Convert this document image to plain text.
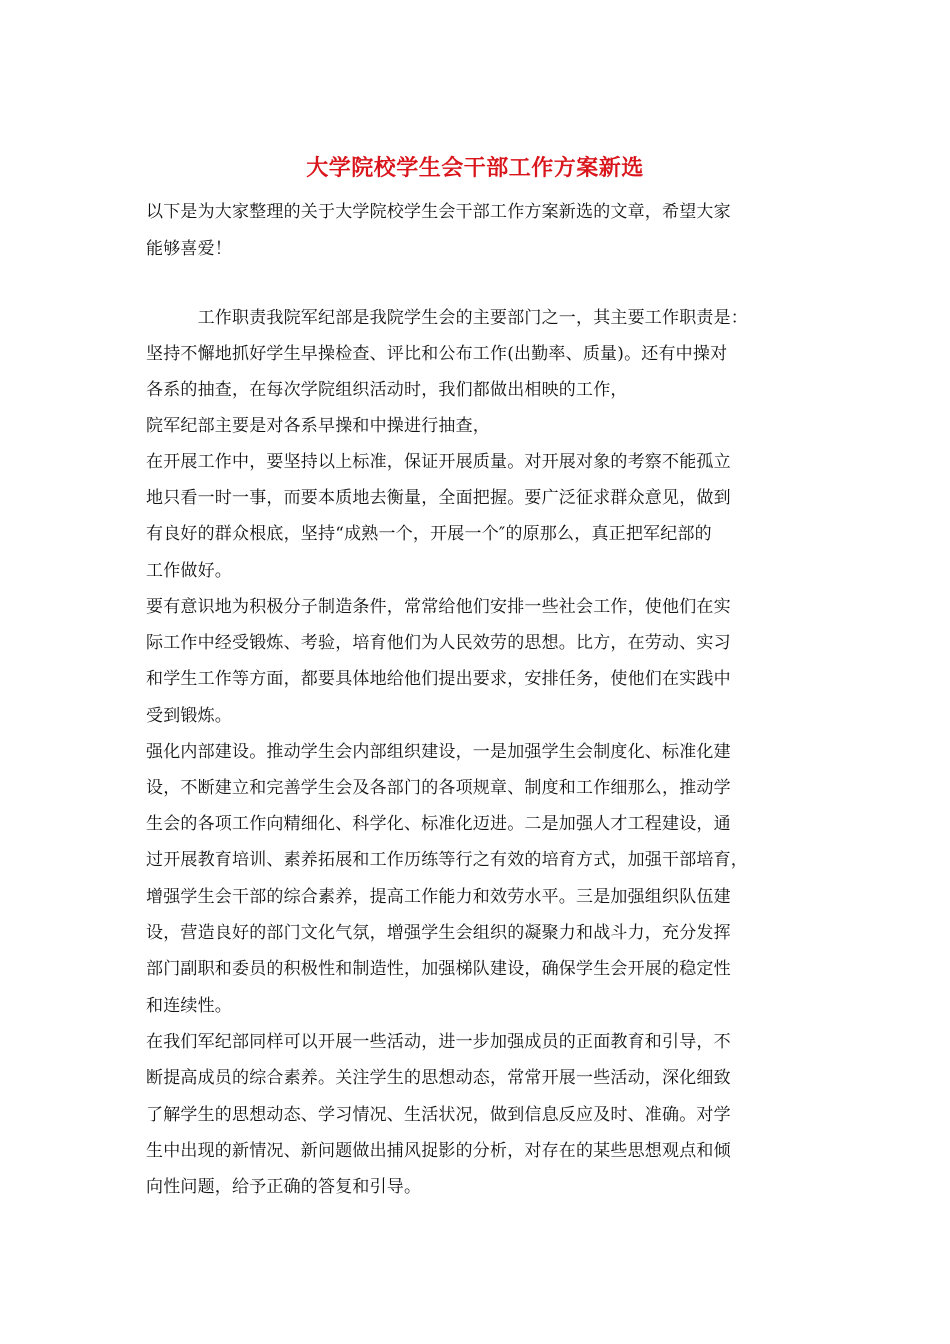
大学院校学生会干部工作方案新选
以下是为大家整理的关于大学院校学生会干部工作方案新选的文章，希望大家
能够喜爱！
　　　工作职责我院军纪部是我院学生会的主要部门之一，其主要工作职责是：
坚持不懈地抓好学生早操检查、评比和公布工作(出勤率、质量)。还有中操对
各系的抽查，在每次学院组织活动时，我们都做出相映的工作，
院军纪部主要是对各系早操和中操进行抽查，
在开展工作中，要坚持以上标准，保证开展质量。对开展对象的考察不能孤立
地只看一时一事，而要本质地去衡量，全面把握。要广泛征求群众意见，做到
有良好的群众根底，坚持“成熟一个，开展一个″的原那么，真正把军纪部的
工作做好。
要有意识地为积极分子制造条件，常常给他们安排一些社会工作，使他们在实
际工作中经受锻炼、考验，培育他们为人民效劳的思想。比方，在劳动、实习
和学生工作等方面，都要具体地给他们提出要求，安排任务，使他们在实践中
受到锻炼。
强化内部建设。推动学生会内部组织建设，一是加强学生会制度化、标准化建
设，不断建立和完善学生会及各部门的各项规章、制度和工作细那么，推动学
生会的各项工作向精细化、科学化、标准化迈进。二是加强人才工程建设，通
过开展教育培训、素养拓展和工作历练等行之有效的培育方式，加强干部培育，
增强学生会干部的综合素养，提高工作能力和效劳水平。三是加强组织队伍建
设，营造良好的部门文化气氛，增强学生会组织的凝聚力和战斗力，充分发挥
部门副职和委员的积极性和制造性，加强梯队建设，确保学生会开展的稳定性
和连续性。
在我们军纪部同样可以开展一些活动，进一步加强成员的正面教育和引导，不
断提高成员的综合素养。关注学生的思想动态，常常开展一些活动，深化细致
了解学生的思想动态、学习情况、生活状况，做到信息反应及时、准确。对学
生中出现的新情况、新问题做出捕风捉影的分析，对存在的某些思想观点和倾
向性问题，给予正确的答复和引导。
